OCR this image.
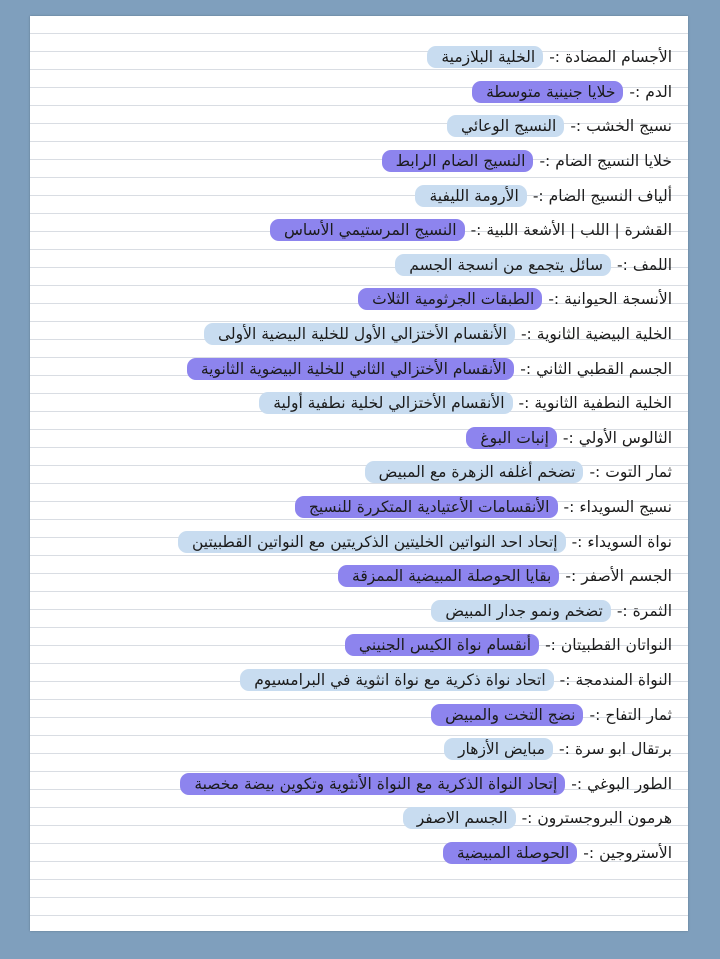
الأجسام المضادة
:-
الخلية البلازمية
الدم
:-
خلايا جنينية متوسطة
نسيج الخشب
:-
النسيج الوعائي
خلايا النسيج الضام
:-
النسيج الضام الرابط
ألياف النسيج الضام
:-
الأرومة الليفية
القشرة | اللب | الأشعة اللبية
:-
النسيج المرستيمي الأساس
اللمف
:-
سائل يتجمع من انسجة الجسم
الأنسجة الحيوانية
:-
الطبقات الجرثومية الثلاث
الخلية البيضية الثانوية
:-
الأنقسام الأختزالي الأول للخلية البيضية الأولى
الجسم القطبي الثاني
:-
الأنقسام الأختزالي الثاني للخلية البيضوية الثانوية
الخلية النطفية الثانوية
:-
الأنقسام الأختزالي لخلية نطفية أولية
الثالوس الأولي
:-
إنبات البوغ
ثمار التوت
:-
تضخم أغلفه الزهرة مع المبيض
نسيج السويداء
:-
الأنقسامات الأعتيادية المتكررة للنسيج
نواة السويداء
:-
إتحاد احد النواتين الخليتين الذكريتين مع النواتين القطبيتين
الجسم الأصفر
:-
بقايا الحوصلة المبيضية الممزقة
الثمرة
:-
تضخم ونمو جدار المبيض
النواتان القطبيتان
:-
أنقسام نواة الكيس الجنيني
النواة المندمجة
:-
اتحاد نواة ذكرية مع نواة انثوية في البرامسيوم
ثمار التفاح
:-
نضج التخت والمبيض
برتقال ابو سرة
:-
مبايض الأزهار
الطور البوغي
:-
إتحاد النواة الذكرية مع النواة الأنثوية وتكوين بيضة مخصبة
هرمون البروجسترون
:-
الجسم الاصفر
الأستروجين
:-
الحوصلة المبيضية
